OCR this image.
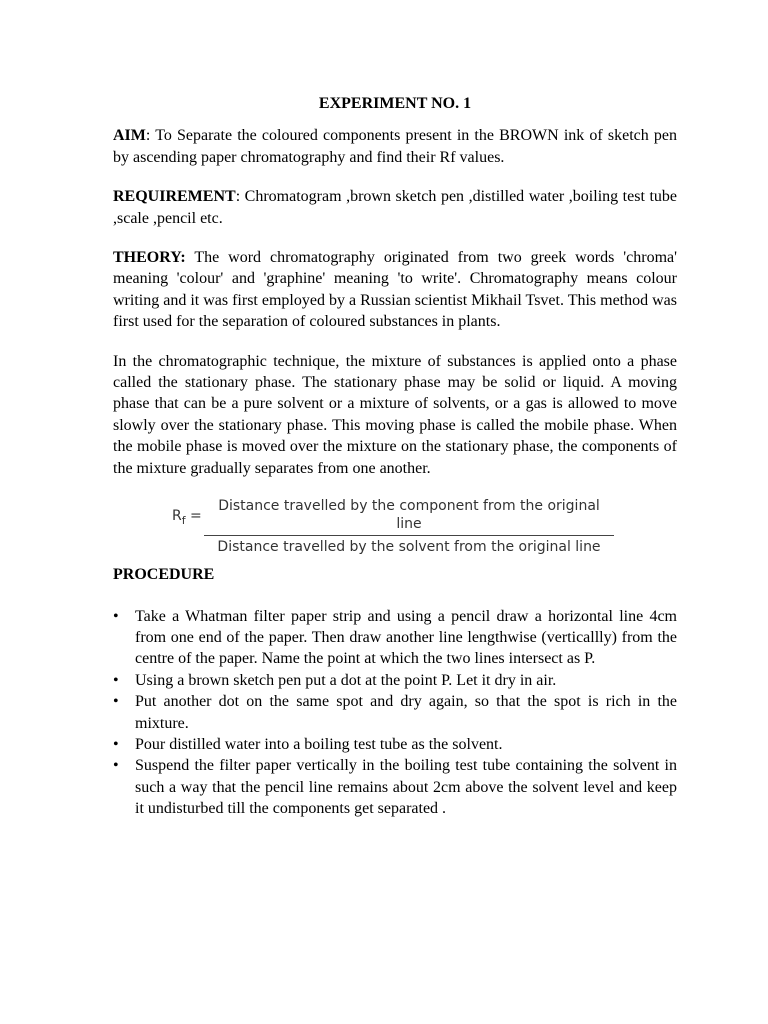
EXPERIMENT NO. 1

AIM: To Separate the coloured components present in the BROWN ink of sketch pen by ascending paper chromatography and find their Rf values.

REQUIREMENT: Chromatogram ,brown sketch pen ,distilled water ,boiling test tube ,scale ,pencil etc.

THEORY: The word chromatography originated from two greek words 'chroma' meaning 'colour' and 'graphine' meaning 'to write'. Chromatography means colour writing and it was first employed by a Russian scientist Mikhail Tsvet. This method was first used for the separation of coloured substances in plants.

In the chromatographic technique, the mixture of substances is applied onto a phase called the stationary phase. The stationary phase may be solid or liquid. A moving phase that can be a pure solvent or a mixture of solvents, or a gas is allowed to move slowly over the stationary phase. This moving phase is called the mobile phase. When the mobile phase is moved over the mixture on the stationary phase, the components of the mixture gradually separates from one another.

$R_f$ =
Distance travelled by the component from the original line
Distance travelled by the solvent from the original line
PROCEDURE
• Take a Whatman filter paper strip and using a pencil draw a horizontal line 4cm from one end of the paper. Then draw another line lengthwise (verticallly) from the centre of the paper. Name the point at which the two lines intersect as P.
• Using a brown sketch pen put a dot at the point P. Let it dry in air.
• Put another dot on the same spot and dry again, so that the spot is rich in the mixture.
• Pour distilled water into a boiling test tube as the solvent.
• Suspend the filter paper vertically in the boiling test tube containing the solvent in such a way that the pencil line remains about 2cm above the solvent level and keep it undisturbed till the components get separated .
